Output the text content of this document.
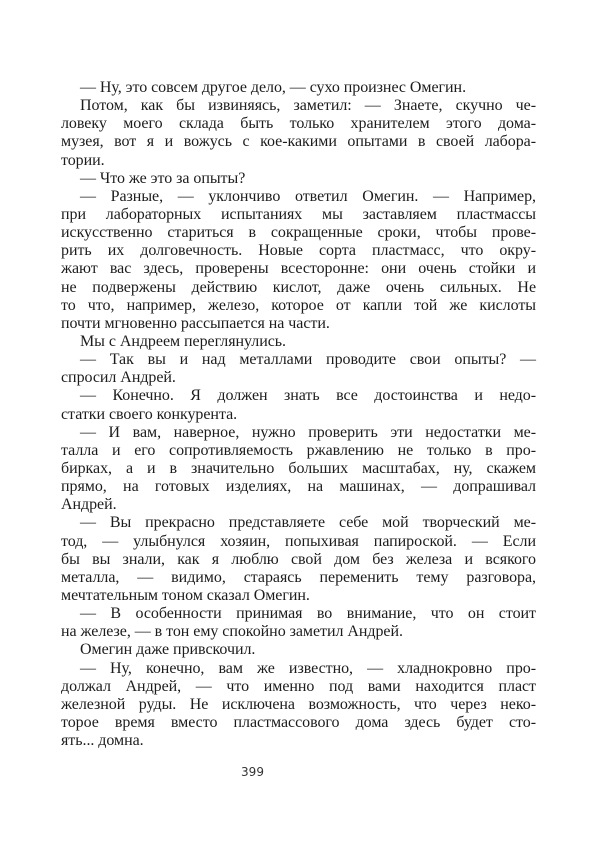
— Ну, это совсем другое дело, — сухо произнес Омегин.
Потом, как бы извиняясь, заметил: — Знаете, скучно че-
ловеку моего склада быть только хранителем этого дома-
музея, вот я и вожусь с кое-какими опытами в своей лабора-
тории.
— Что же это за опыты?
— Разные, — уклончиво ответил Омегин. — Например,
при лабораторных испытаниях мы заставляем пластмассы
искусственно стариться в сокращенные сроки, чтобы прове-
рить их долговечность. Новые сорта пластмасс, что окру-
жают вас здесь, проверены всесторонне: они очень стойки и
не подвержены действию кислот, даже очень сильных. Не
то что, например, железо, которое от капли той же кислоты
почти мгновенно рассыпается на части.
Мы с Андреем переглянулись.
— Так вы и над металлами проводите свои опыты? —
спросил Андрей.
— Конечно. Я должен знать все достоинства и недо-
статки своего конкурента.
— И вам, наверное, нужно проверить эти недостатки ме-
талла и его сопротивляемость ржавлению не только в про-
бирках, а и в значительно больших масштабах, ну, скажем
прямо, на готовых изделиях, на машинах, — допрашивал
Андрей.
— Вы прекрасно представляете себе мой творческий ме-
тод, — улыбнулся хозяин, попыхивая папироской. — Если
бы вы знали, как я люблю свой дом без железа и всякого
металла, — видимо, стараясь переменить тему разговора,
мечтательным тоном сказал Омегин.
— В особенности принимая во внимание, что он стоит
на железе, — в тон ему спокойно заметил Андрей.
Омегин даже привскочил.
— Ну, конечно, вам же известно, — хладнокровно про-
должал Андрей, — что именно под вами находится пласт
железной руды. Не исключена возможность, что через неко-
торое время вместо пластмассового дома здесь будет сто-
ять... домна.
399
